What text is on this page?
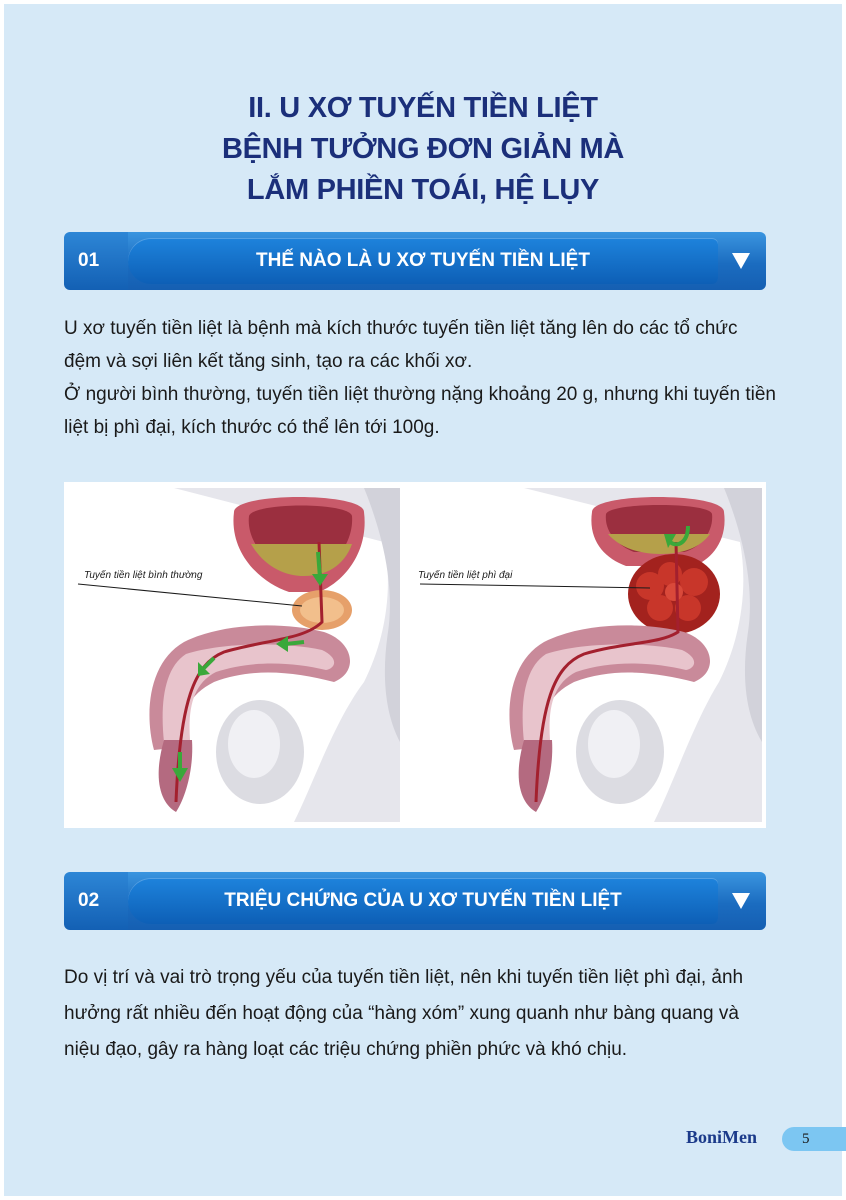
II. U XƠ TUYẾN TIỀN LIỆT
BỆNH TƯỞNG ĐƠN GIẢN MÀ
LẮM PHIỀN TOÁI, HỆ LỤY
01	THẾ NÀO LÀ U XƠ TUYẾN TIỀN LIỆT

U xơ tuyến tiền liệt là bệnh mà kích thước tuyến tiền liệt tăng lên do các tổ chức đệm và sợi liên kết tăng sinh, tạo ra các khối xơ.

Ở người bình thường, tuyến tiền liệt thường nặng khoảng 20 g, nhưng khi tuyến tiền liệt bị phì đại, kích thước có thể lên tới 100g.

Tuyến tiền liệt bình thường	Tuyến tiền liệt phì đại
02	TRIỆU CHỨNG CỦA U XƠ TUYẾN TIỀN LIỆT

Do vị trí và vai trò trọng yếu của tuyến tiền liệt, nên khi tuyến tiền liệt phì đại, ảnh hưởng rất nhiều đến hoạt động của “hàng xóm” xung quanh như bàng quang và niệu đạo, gây ra hàng loạt các triệu chứng phiền phức và khó chịu.

BoniMen	5
